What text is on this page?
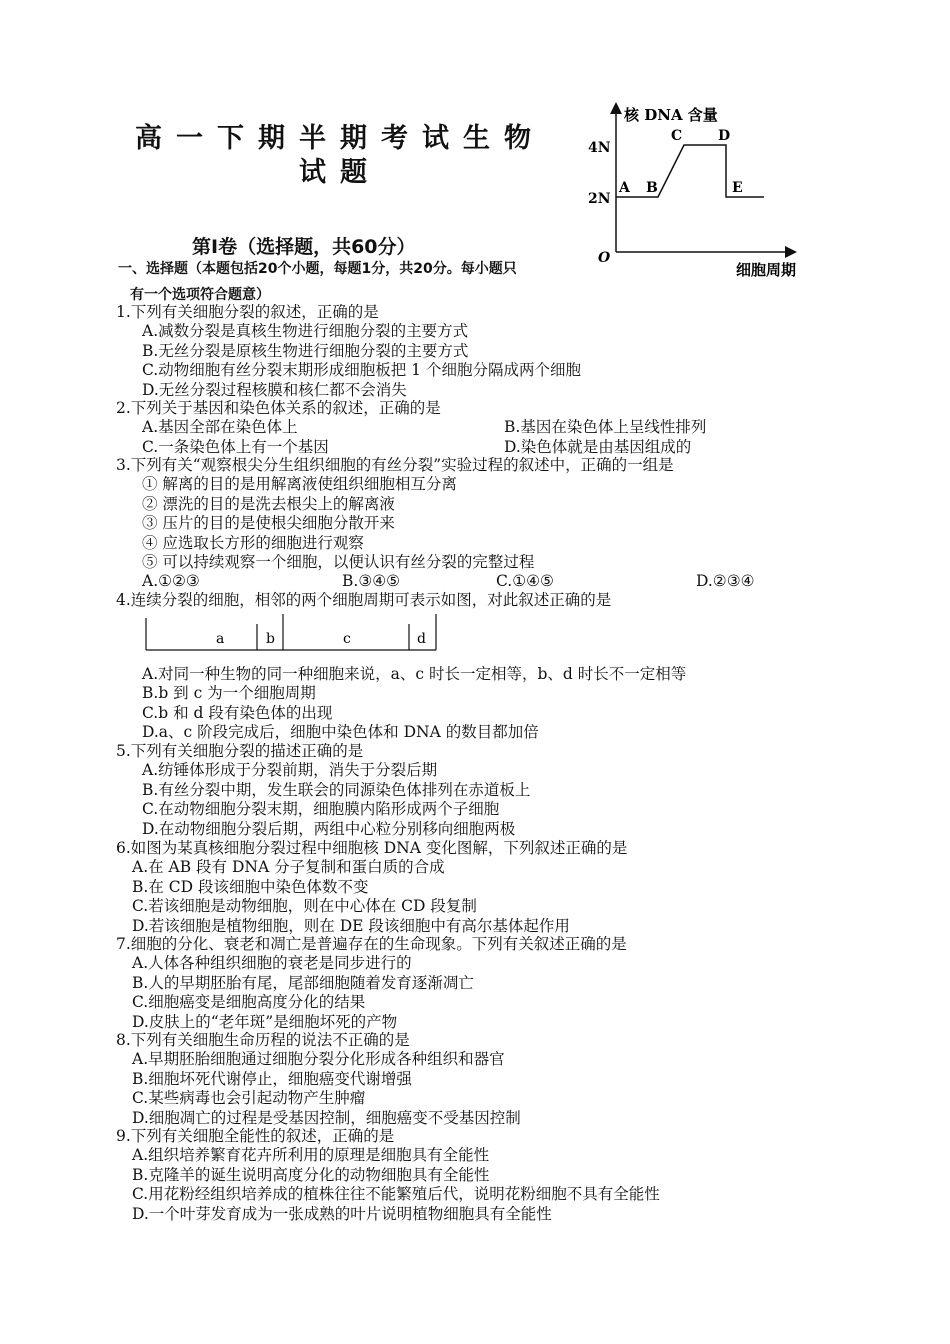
高一下期半期考试生物
试题
核 DNA 含量
4N
2N
O
A B
C	D
E
细胞周期
第Ⅰ卷（选择题，共60分）
一、选择题（本题包括20个小题，每题1分，共20分。每小题只
有一个选项符合题意）
1.下列有关细胞分裂的叙述，正确的是
A.减数分裂是真核生物进行细胞分裂的主要方式
B.无丝分裂是原核生物进行细胞分裂的主要方式
C.动物细胞有丝分裂末期形成细胞板把 1 个细胞分隔成两个细胞
D.无丝分裂过程核膜和核仁都不会消失
2.下列关于基因和染色体关系的叙述，正确的是
A.基因全部在染色体上	B.基因在染色体上呈线性排列
C.一条染色体上有一个基因	D.染色体就是由基因组成的
3.下列有关“观察根尖分生组织细胞的有丝分裂”实验过程的叙述中，正确的一组是
① 解离的目的是用解离液使组织细胞相互分离
② 漂洗的目的是洗去根尖上的解离液
③ 压片的目的是使根尖细胞分散开来
④ 应选取长方形的细胞进行观察
⑤ 可以持续观察一个细胞，以便认识有丝分裂的完整过程
A.①②③	B.③④⑤	C.①④⑤	D.②③④
4.连续分裂的细胞，相邻的两个细胞周期可表示如图，对此叙述正确的是
a	b	c	d
A.对同一种生物的同一种细胞来说，a、c 时长一定相等，b、d 时长不一定相等
B.b 到 c 为一个细胞周期
C.b 和 d 段有染色体的出现
D.a、c 阶段完成后，细胞中染色体和 DNA 的数目都加倍
5.下列有关细胞分裂的描述正确的是
A.纺锤体形成于分裂前期，消失于分裂后期
B.有丝分裂中期，发生联会的同源染色体排列在赤道板上
C.在动物细胞分裂末期，细胞膜内陷形成两个子细胞
D.在动物细胞分裂后期，两组中心粒分别移向细胞两极
6.如图为某真核细胞分裂过程中细胞核 DNA 变化图解，下列叙述正确的是
A.在 AB 段有 DNA 分子复制和蛋白质的合成
B.在 CD 段该细胞中染色体数不变
C.若该细胞是动物细胞，则在中心体在 CD 段复制
D.若该细胞是植物细胞，则在 DE 段该细胞中有高尔基体起作用
7.细胞的分化、衰老和凋亡是普遍存在的生命现象。下列有关叙述正确的是
A.人体各种组织细胞的衰老是同步进行的
B.人的早期胚胎有尾，尾部细胞随着发育逐渐凋亡
C.细胞癌变是细胞高度分化的结果
D.皮肤上的“老年斑”是细胞坏死的产物
8.下列有关细胞生命历程的说法不正确的是
A.早期胚胎细胞通过细胞分裂分化形成各种组织和器官
B.细胞坏死代谢停止，细胞癌变代谢增强
C.某些病毒也会引起动物产生肿瘤
D.细胞凋亡的过程是受基因控制，细胞癌变不受基因控制
9.下列有关细胞全能性的叙述，正确的是
A.组织培养繁育花卉所利用的原理是细胞具有全能性
B.克隆羊的诞生说明高度分化的动物细胞具有全能性
C.用花粉经组织培养成的植株往往不能繁殖后代，说明花粉细胞不具有全能性
D.一个叶芽发育成为一张成熟的叶片说明植物细胞具有全能性
